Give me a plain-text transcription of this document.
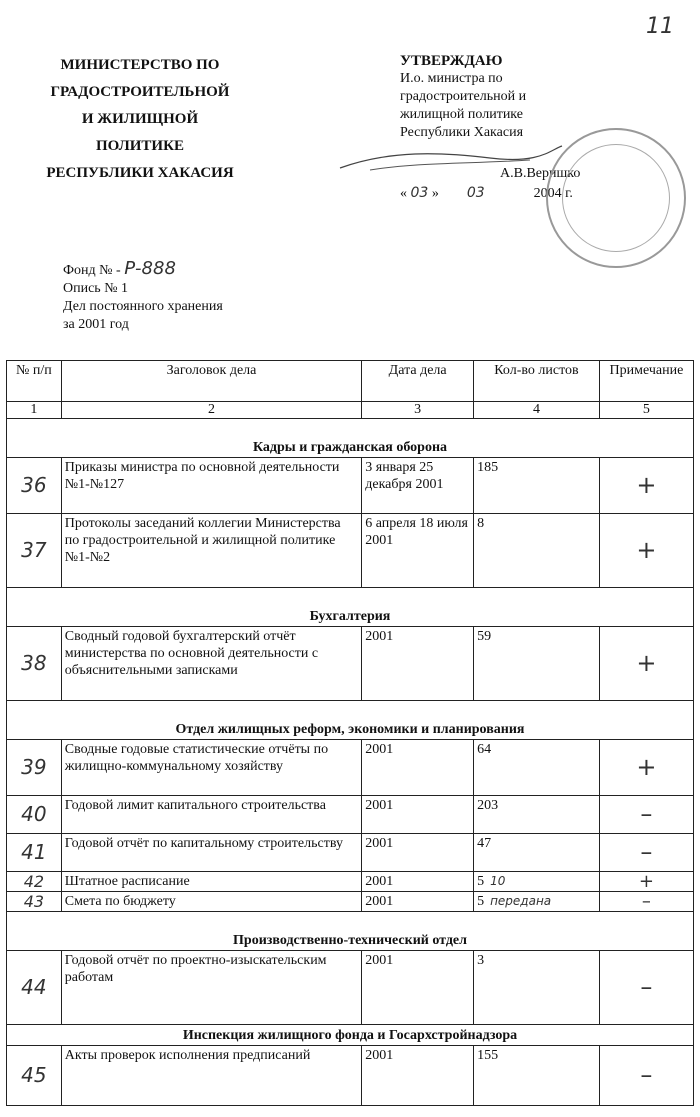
11
МИНИСТЕРСТВО ПО
ГРАДОСТРОИТЕЛЬНОЙ
И ЖИЛИЩНОЙ
ПОЛИТИКЕ
РЕСПУБЛИКИ ХАКАСИЯ
УТВЕРЖДАЮ
И.о. министра по
градостроительной и
жилищной политике
Республики Хакасия
А.В.Веришко
« 03 » 03	2004 г.
Фонд № - Р-888
Опись № 1
Дел постоянного хранения
за 2001 год
№ п/п	Заголовок дела	Дата дела	Кол-во листов	Примечание
1	2	3	4	5
Кадры и гражданская оборона				
36	Приказы министра по основной деятельности №1-№127	3 января 25 декабря 2001	185	+
37	Протоколы заседаний коллегии Министерства по градостроительной и жилищной политике №1-№2	6 апреля 18 июля 2001	8	+
Бухгалтерия				
38	Сводный годовой бухгалтерский отчёт министерства по основной деятельности с объяснительными записками	2001	59	+
Отдел жилищных реформ, экономики и планирования				
39	Сводные годовые статистические отчёты по жилищно-коммунальному хозяйству	2001	64	+
40	Годовой лимит капитального строительства	2001	203	–
41	Годовой отчёт по капитальному строительству	2001	47	–
42	Штатное расписание	2001	5 10	+
43	Смета по бюджету	2001	5 передана	–
Производственно-технический отдел				
44	Годовой отчёт по проектно-изыскательским работам	2001	3	–
Инспекция жилищного фонда и Госархстройнадзора				
45	Акты проверок исполнения предписаний	2001	155	–
